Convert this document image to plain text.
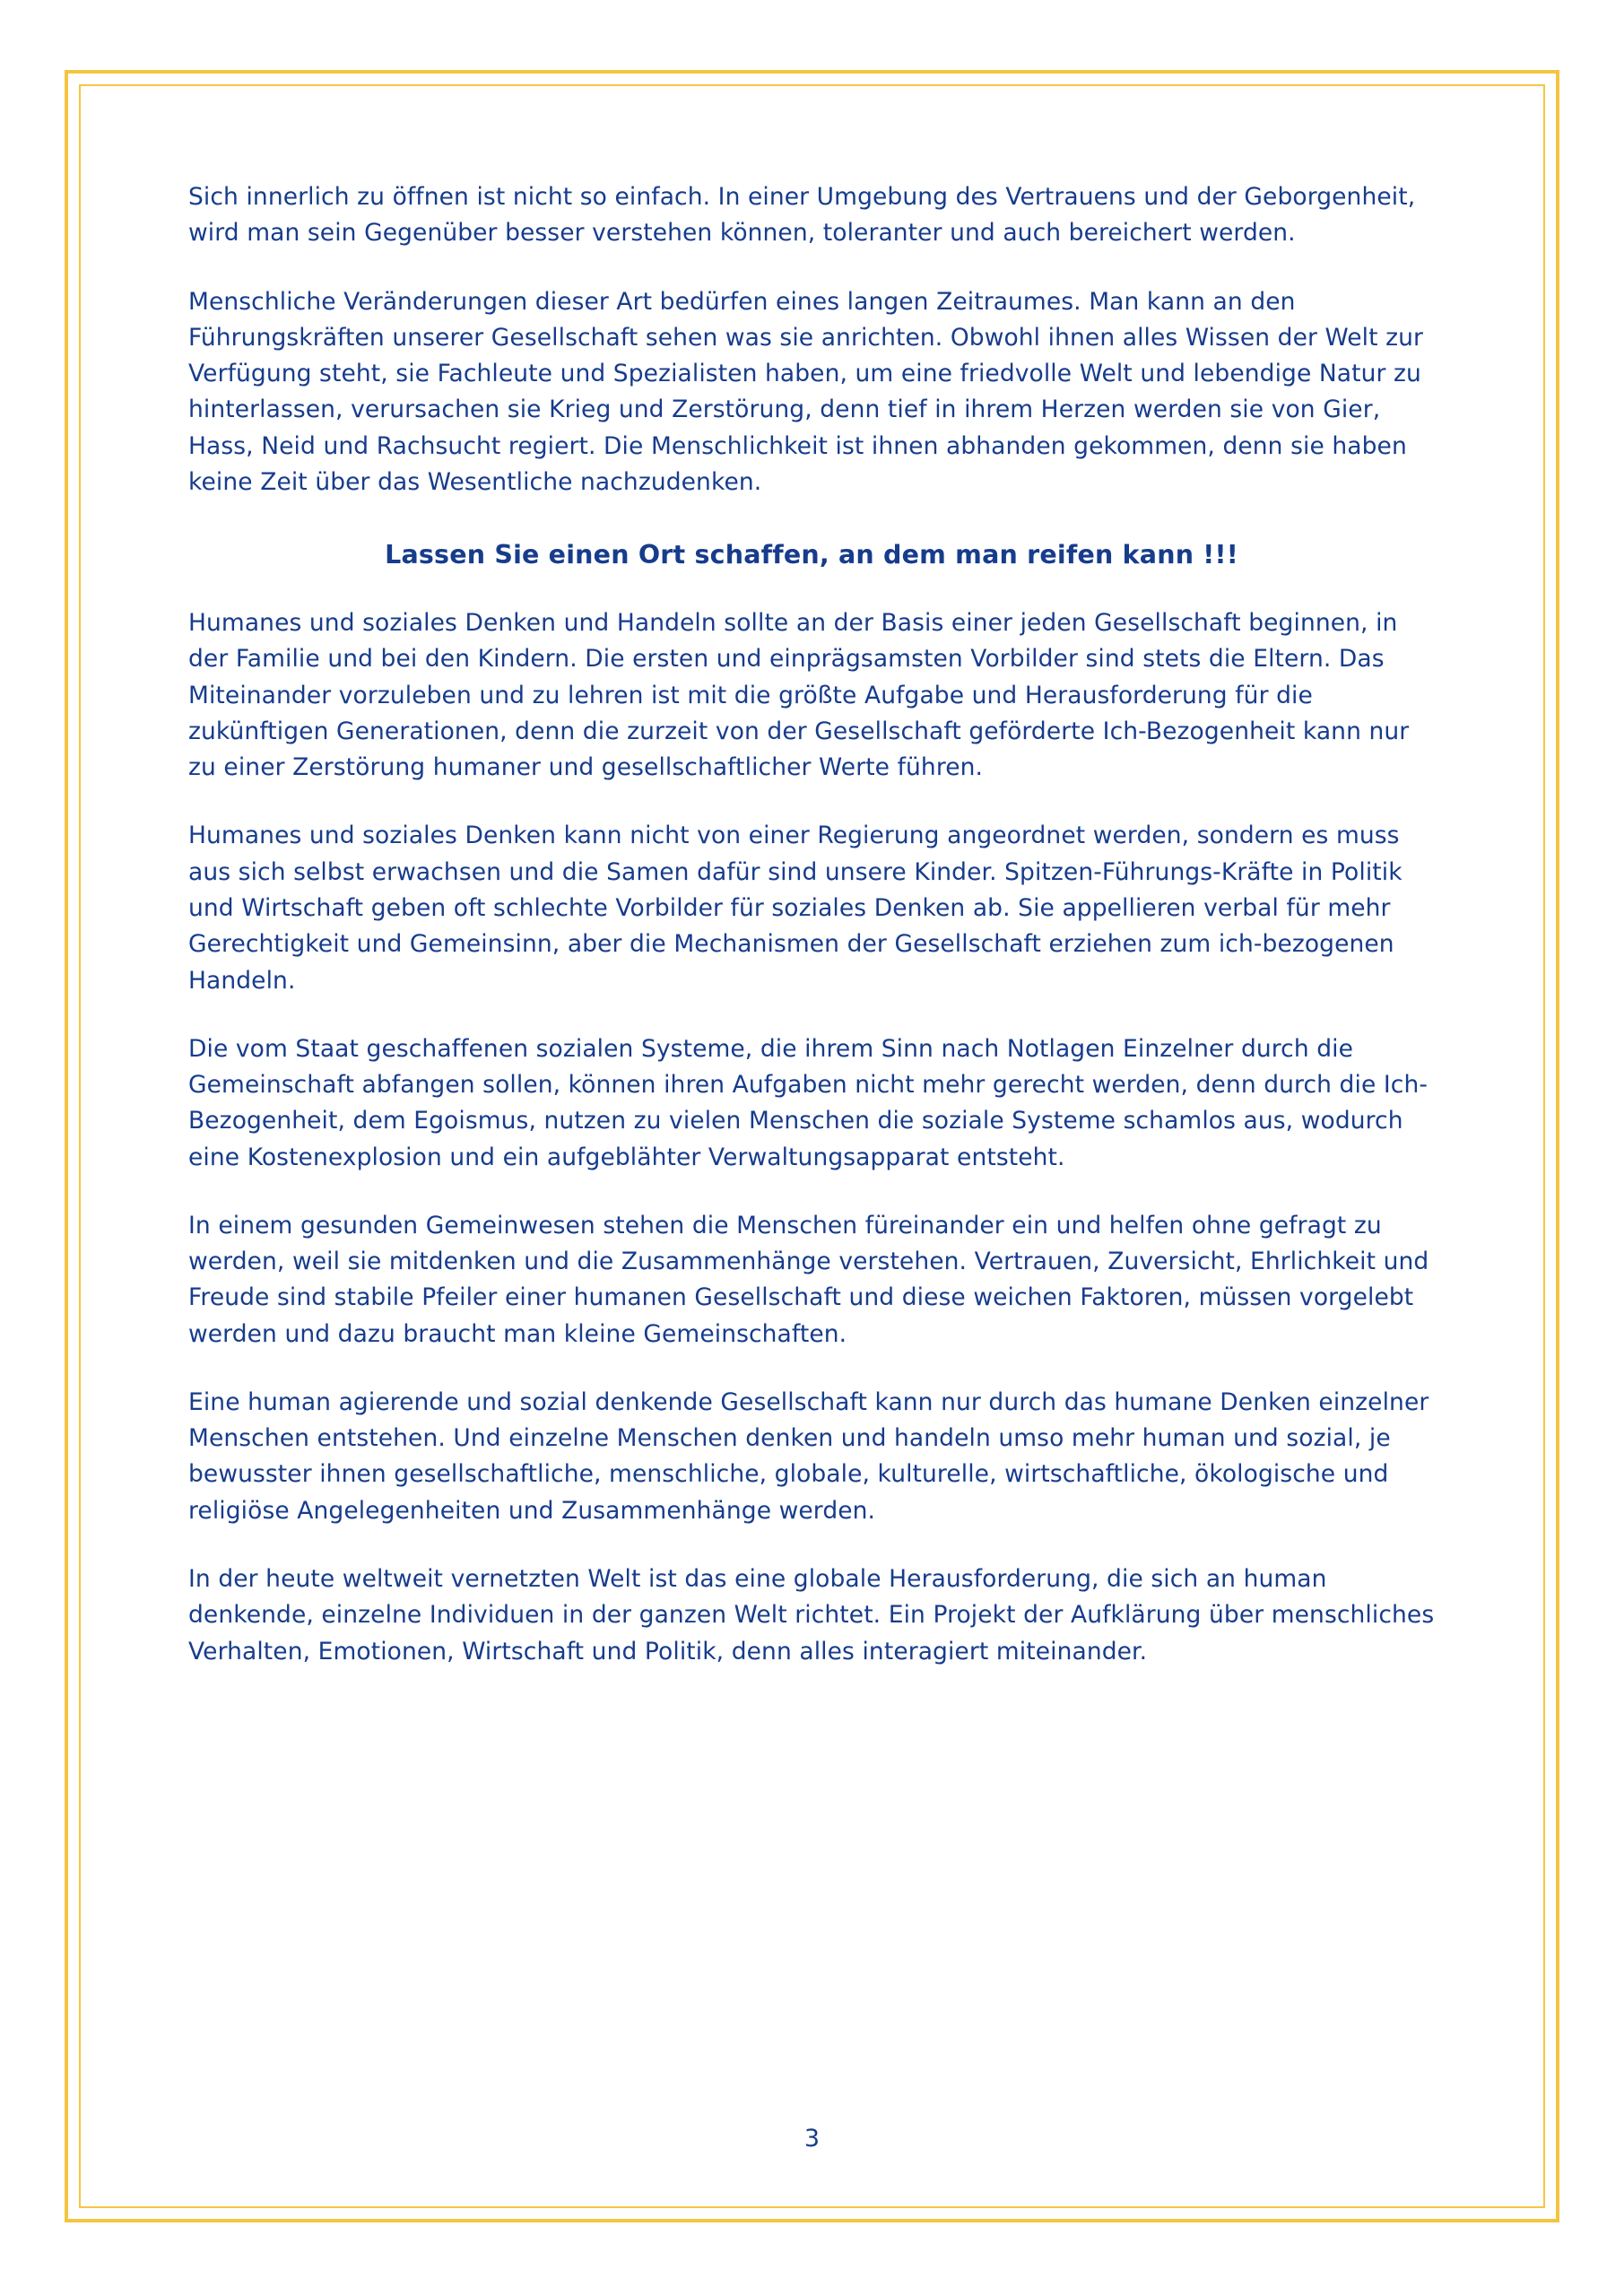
Sich innerlich zu öffnen ist nicht so einfach. In einer Umgebung des Vertrauens und der Geborgenheit, wird man sein Gegenüber besser verstehen können, toleranter und auch bereichert werden.

Menschliche Veränderungen dieser Art bedürfen eines langen Zeitraumes. Man kann an den Führungskräften unserer Gesellschaft sehen was sie anrichten. Obwohl ihnen alles Wissen der Welt zur Verfügung steht, sie Fachleute und Spezialisten haben, um eine friedvolle Welt und lebendige Natur zu hinterlassen, verursachen sie Krieg und Zerstörung, denn tief in ihrem Herzen werden sie von Gier, Hass, Neid und Rachsucht regiert. Die Menschlichkeit ist ihnen abhanden gekommen, denn sie haben keine Zeit über das Wesentliche nachzudenken.

Lassen Sie einen Ort schaffen, an dem man reifen kann !!!

Humanes und soziales Denken und Handeln sollte an der Basis einer jeden Gesellschaft beginnen, in der Familie und bei den Kindern. Die ersten und einprägsamsten Vorbilder sind stets die Eltern. Das Miteinander vorzuleben und zu lehren ist mit die größte Aufgabe und Herausforderung für die zukünftigen Generationen, denn die zurzeit von der Gesellschaft geförderte Ich-Bezogenheit kann nur zu einer Zerstörung humaner und gesellschaftlicher Werte führen.

Humanes und soziales Denken kann nicht von einer Regierung angeordnet werden, sondern es muss aus sich selbst erwachsen und die Samen dafür sind unsere Kinder. Spitzen-Führungs-Kräfte in Politik und Wirtschaft geben oft schlechte Vorbilder für soziales Denken ab. Sie appellieren verbal für mehr Gerechtigkeit und Gemeinsinn, aber die Mechanismen der Gesellschaft erziehen zum ich-bezogenen Handeln.

Die vom Staat geschaffenen sozialen Systeme, die ihrem Sinn nach Notlagen Einzelner durch die Gemeinschaft abfangen sollen, können ihren Aufgaben nicht mehr gerecht werden, denn durch die Ich-Bezogenheit, dem Egoismus, nutzen zu vielen Menschen die soziale Systeme schamlos aus, wodurch eine Kostenexplosion und ein aufgeblähter Verwaltungsapparat entsteht.

In einem gesunden Gemeinwesen stehen die Menschen füreinander ein und helfen ohne gefragt zu werden, weil sie mitdenken und die Zusammenhänge verstehen. Vertrauen, Zuversicht, Ehrlichkeit und Freude sind stabile Pfeiler einer humanen Gesellschaft und diese weichen Faktoren, müssen vorgelebt werden und dazu braucht man kleine Gemeinschaften.

Eine human agierende und sozial denkende Gesellschaft kann nur durch das humane Denken einzelner Menschen entstehen. Und einzelne Menschen denken und handeln umso mehr human und sozial, je bewusster ihnen gesellschaftliche, menschliche, globale, kulturelle, wirtschaftliche, ökologische und religiöse Angelegenheiten und Zusammenhänge werden.

In der heute weltweit vernetzten Welt ist das eine globale Herausforderung, die sich an human denkende, einzelne Individuen in der ganzen Welt richtet. Ein Projekt der Aufklärung über menschliches Verhalten, Emotionen, Wirtschaft und Politik, denn alles interagiert miteinander.

3
